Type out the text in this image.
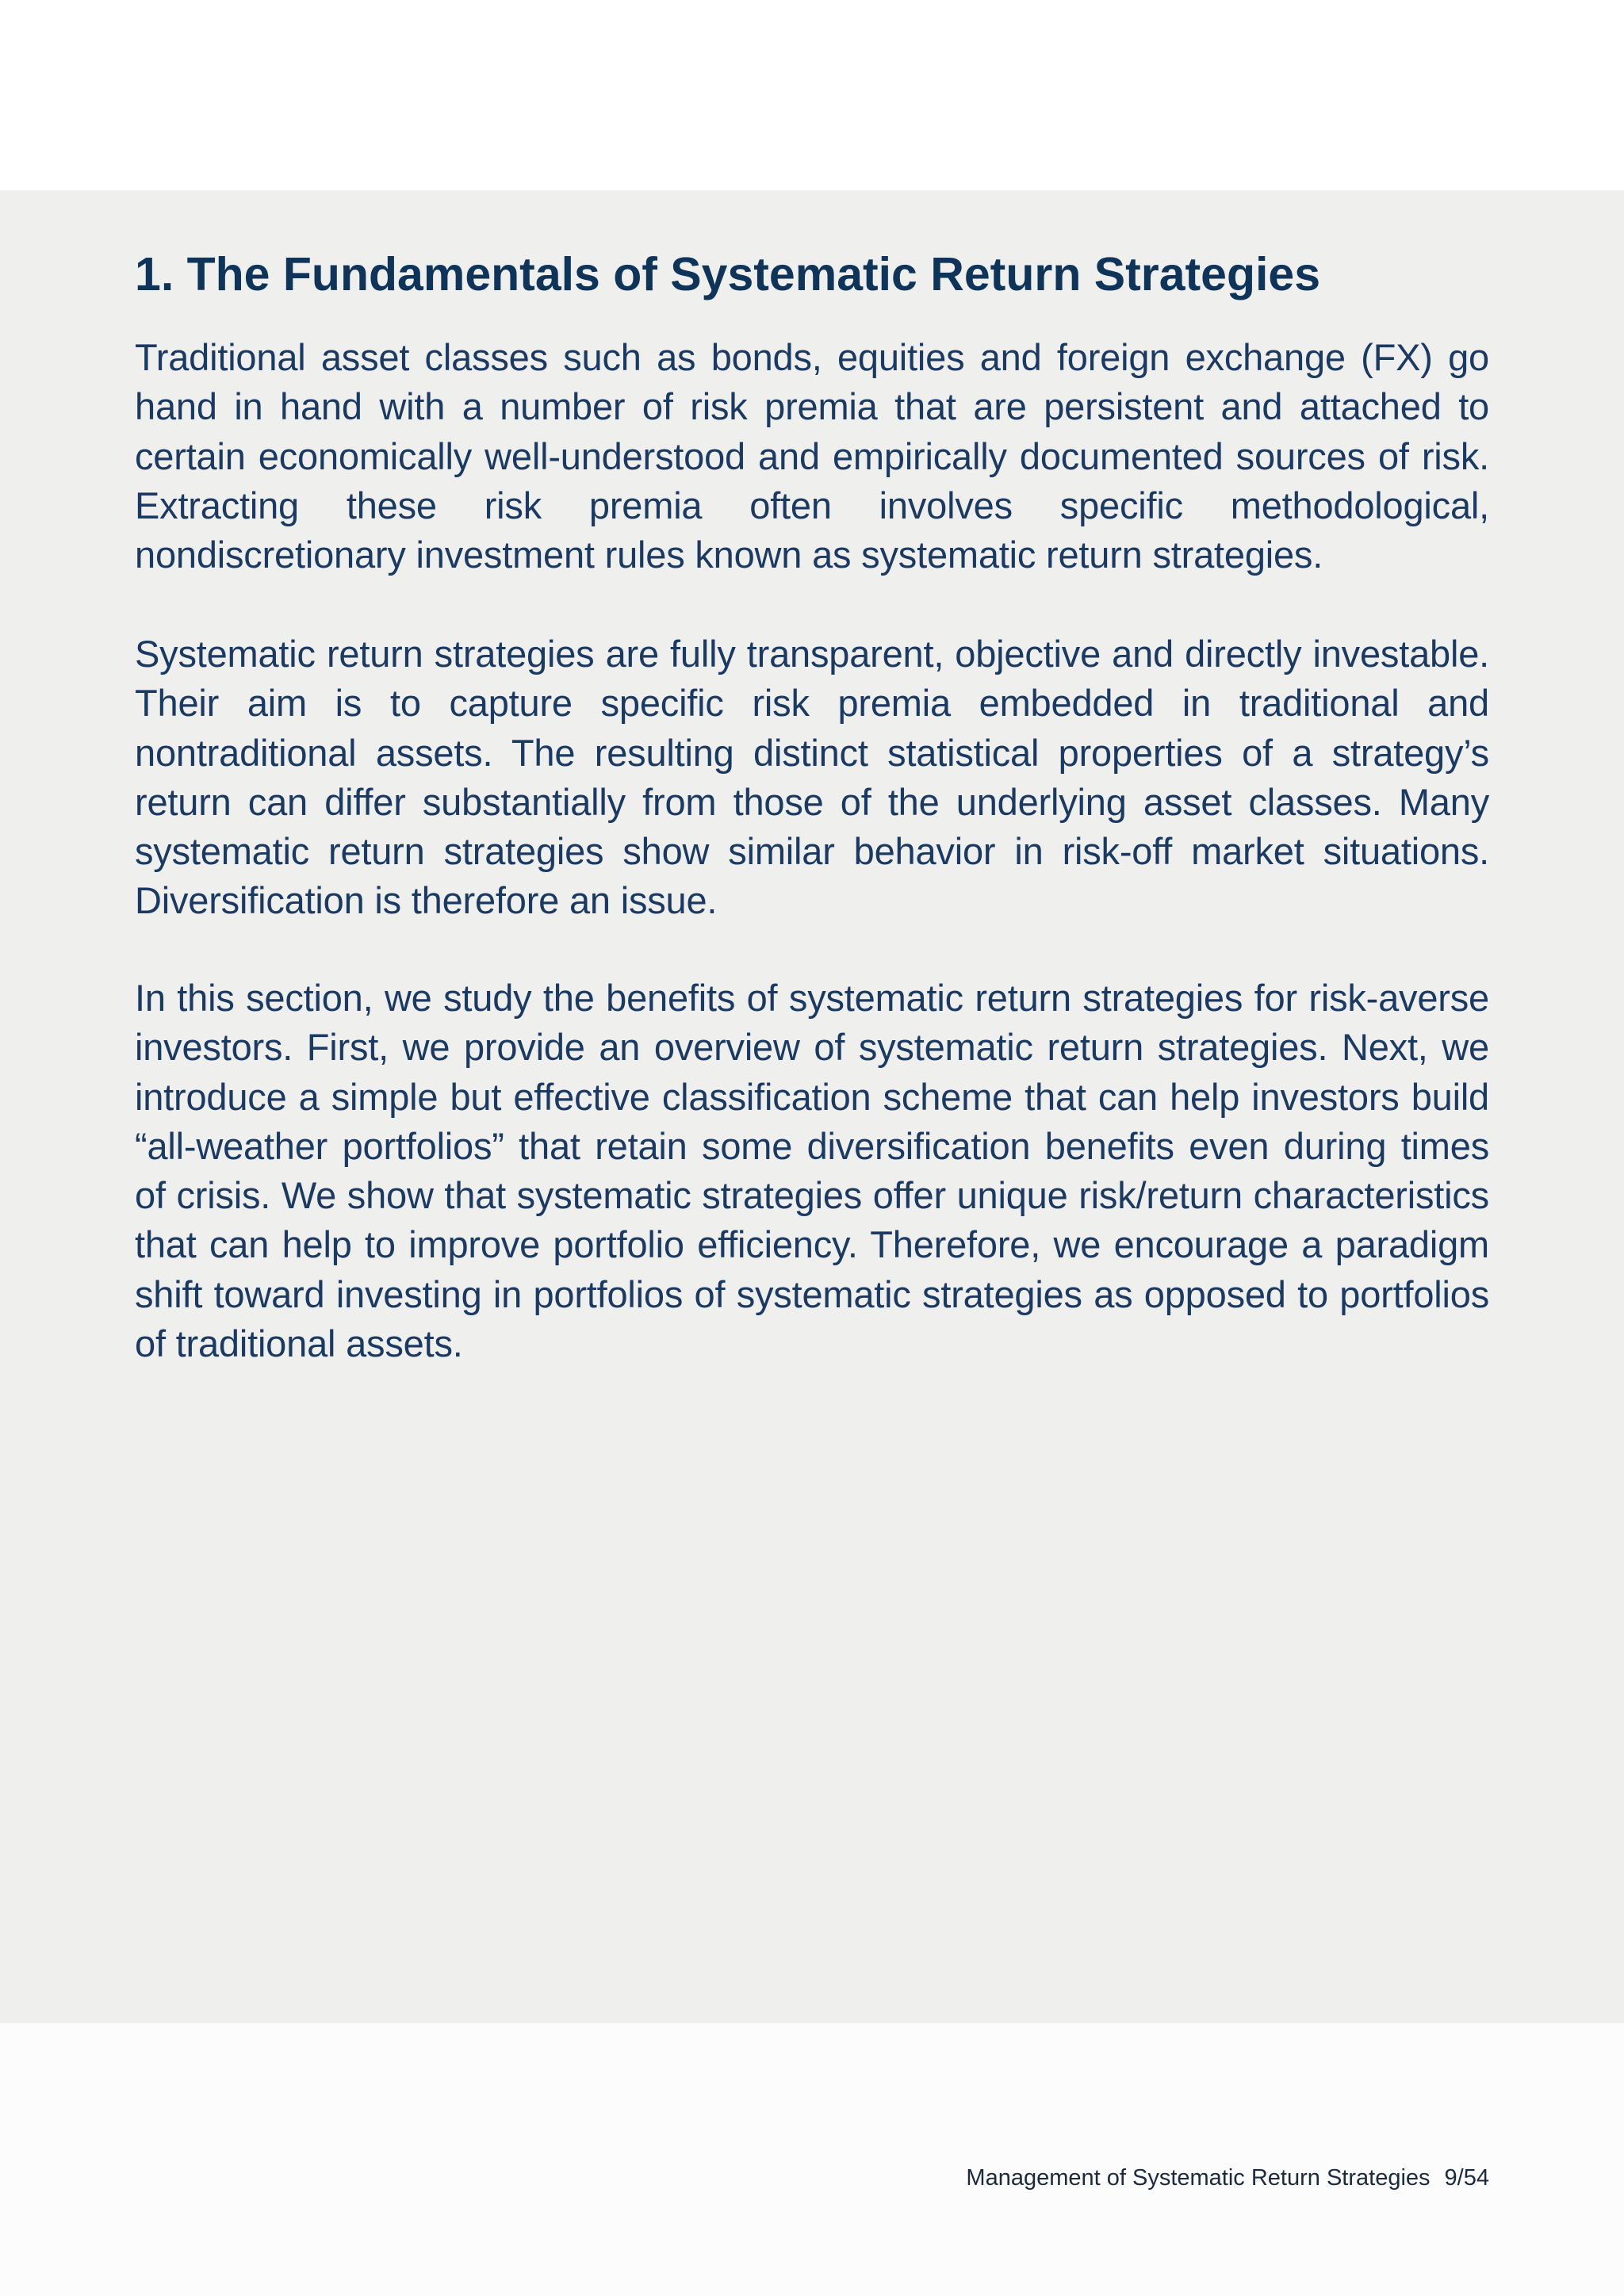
1. The Fundamentals of Systematic Return Strategies

Traditional asset classes such as bonds, equities and foreign exchange (FX) go hand in hand with a number of risk premia that are persistent and attached to certain economically well-understood and empirically documented sources of risk. Extracting these risk premia often involves specific methodological, nondiscretionary investment rules known as systematic return strategies.

Systematic return strategies are fully transparent, objective and directly investable. Their aim is to capture specific risk premia embedded in traditional and nontraditional assets. The resulting distinct statistical properties of a strategy’s return can differ substantially from those of the underlying asset classes. Many systematic return strategies show similar behavior in risk-off market situations. Diversification is therefore an issue.

In this section, we study the benefits of systematic return strategies for risk-averse investors. First, we provide an overview of systematic return strategies. Next, we introduce a simple but effective classification scheme that can help investors build “all-weather portfolios” that retain some diversification benefits even during times of crisis. We show that systematic strategies offer unique risk/return characteristics that can help to improve portfolio efficiency. Therefore, we encourage a paradigm shift toward investing in portfolios of systematic strategies as opposed to portfolios of traditional assets.

Management of Systematic Return Strategies 9/54
